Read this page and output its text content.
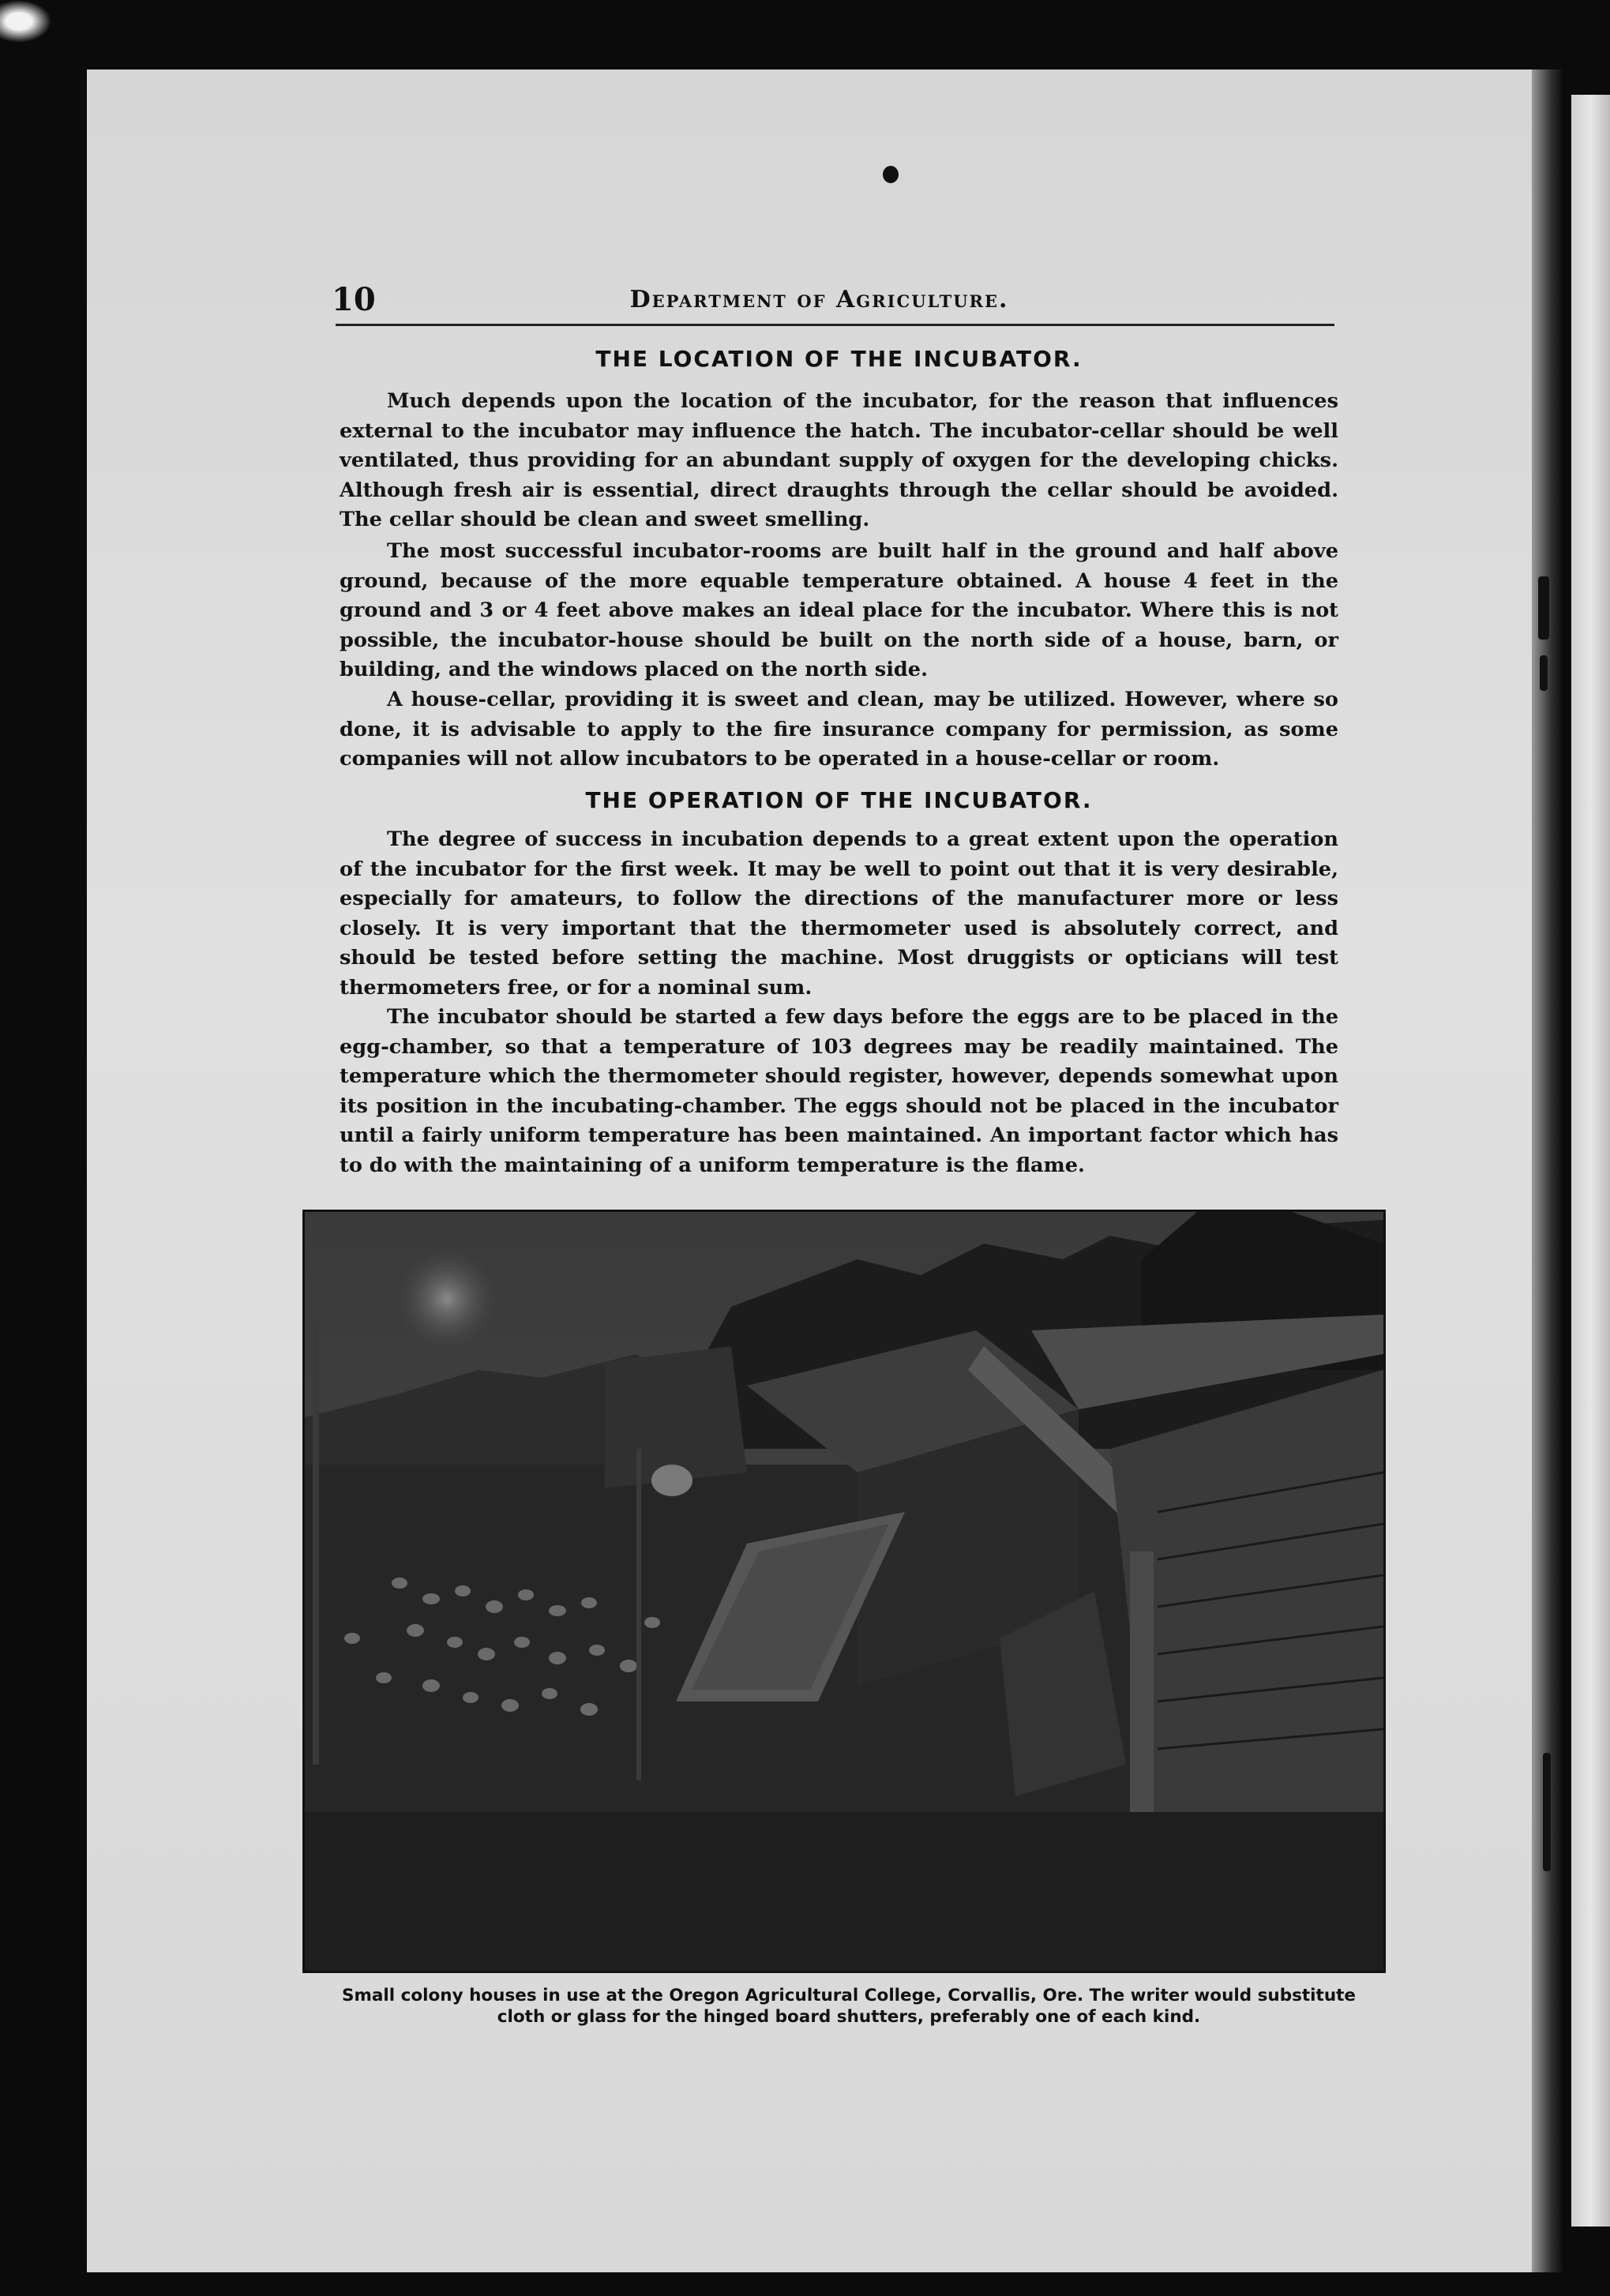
10	Department of Agriculture.
THE LOCATION OF THE INCUBATOR.

Much depends upon the location of the incubator, for the reason that influences external to the incubator may influence the hatch. The incubator-cellar should be well ventilated, thus providing for an abundant supply of oxygen for the developing chicks. Although fresh air is essential, direct draughts through the cellar should be avoided. The cellar should be clean and sweet smelling.

The most successful incubator-rooms are built half in the ground and half above ground, because of the more equable temperature obtained. A house 4 feet in the ground and 3 or 4 feet above makes an ideal place for the incubator. Where this is not possible, the incubator-house should be built on the north side of a house, barn, or building, and the windows placed on the north side.

A house-cellar, providing it is sweet and clean, may be utilized. However, where so done, it is advisable to apply to the fire insurance company for permission, as some companies will not allow incubators to be operated in a house-cellar or room.

THE OPERATION OF THE INCUBATOR.

The degree of success in incubation depends to a great extent upon the operation of the incubator for the first week. It may be well to point out that it is very desirable, especially for amateurs, to follow the directions of the manufacturer more or less closely. It is very important that the thermometer used is absolutely correct, and should be tested before setting the machine. Most druggists or opticians will test thermometers free, or for a nominal sum.

The incubator should be started a few days before the eggs are to be placed in the egg-chamber, so that a temperature of 103 degrees may be readily maintained. The temperature which the thermometer should register, however, depends somewhat upon its position in the incubating-chamber. The eggs should not be placed in the incubator until a fairly uniform temperature has been maintained. An important factor which has to do with the maintaining of a uniform temperature is the flame.

Small colony houses in use at the Oregon Agricultural College, Corvallis, Ore. The writer would substitute cloth or glass for the hinged board shutters, preferably one of each kind.
